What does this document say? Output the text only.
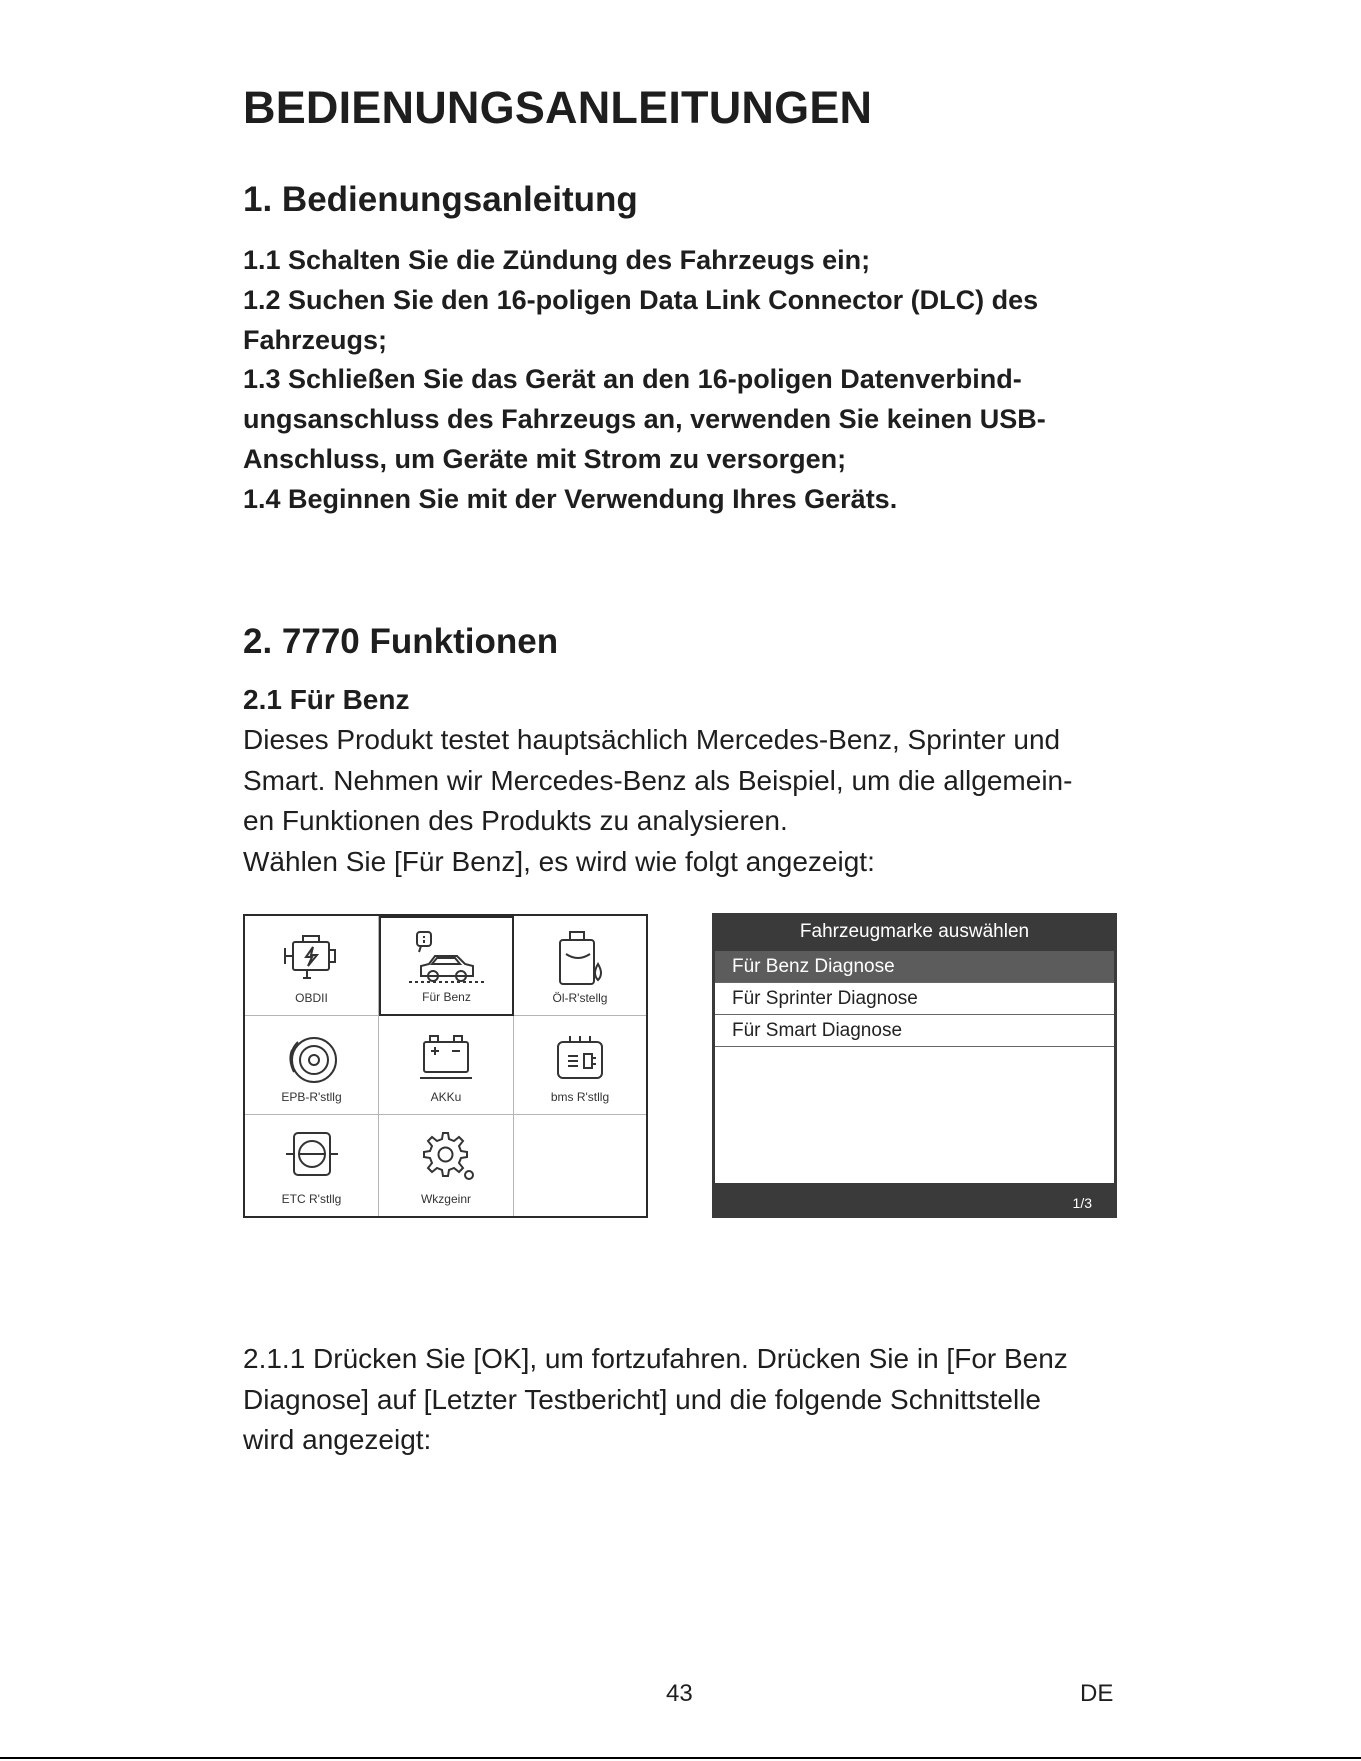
BEDIENUNGSANLEITUNGEN
1. Bedienungsanleitung

1.1 Schalten Sie die Zündung des Fahrzeugs ein;

1.2 Suchen Sie den 16-poligen Data Link Connector (DLC) des Fahrzeugs;

1.3 Schließen Sie das Gerät an den 16-poligen Datenverbind-ungsanschluss des Fahrzeugs an, verwenden Sie keinen USB-Anschluss, um Geräte mit Strom zu versorgen;

1.4 Beginnen Sie mit der Verwendung Ihres Geräts.

2. 7770 Funktionen

2.1 Für Benz

Dieses Produkt testet hauptsächlich Mercedes-Benz, Sprinter und

Smart. Nehmen wir Mercedes-Benz als Beispiel, um die allgemein-

en Funktionen des Produkts zu analysieren.

Wählen Sie [Für Benz], es wird wie folgt angezeigt:

OBDII	Für Benz	Öl-R'stellg
EPB-R'stllg	AKKu	bms R'stllg
ETC R'stllg	Wkzgeinr
Fahrzeugmarke auswählen
Für Benz Diagnose
Für Sprinter Diagnose
Für Smart Diagnose
1/3

2.1.1 Drücken Sie [OK], um fortzufahren. Drücken Sie in [For Benz

Diagnose] auf [Letzter Testbericht] und die folgende Schnittstelle

wird angezeigt:

43	DE
